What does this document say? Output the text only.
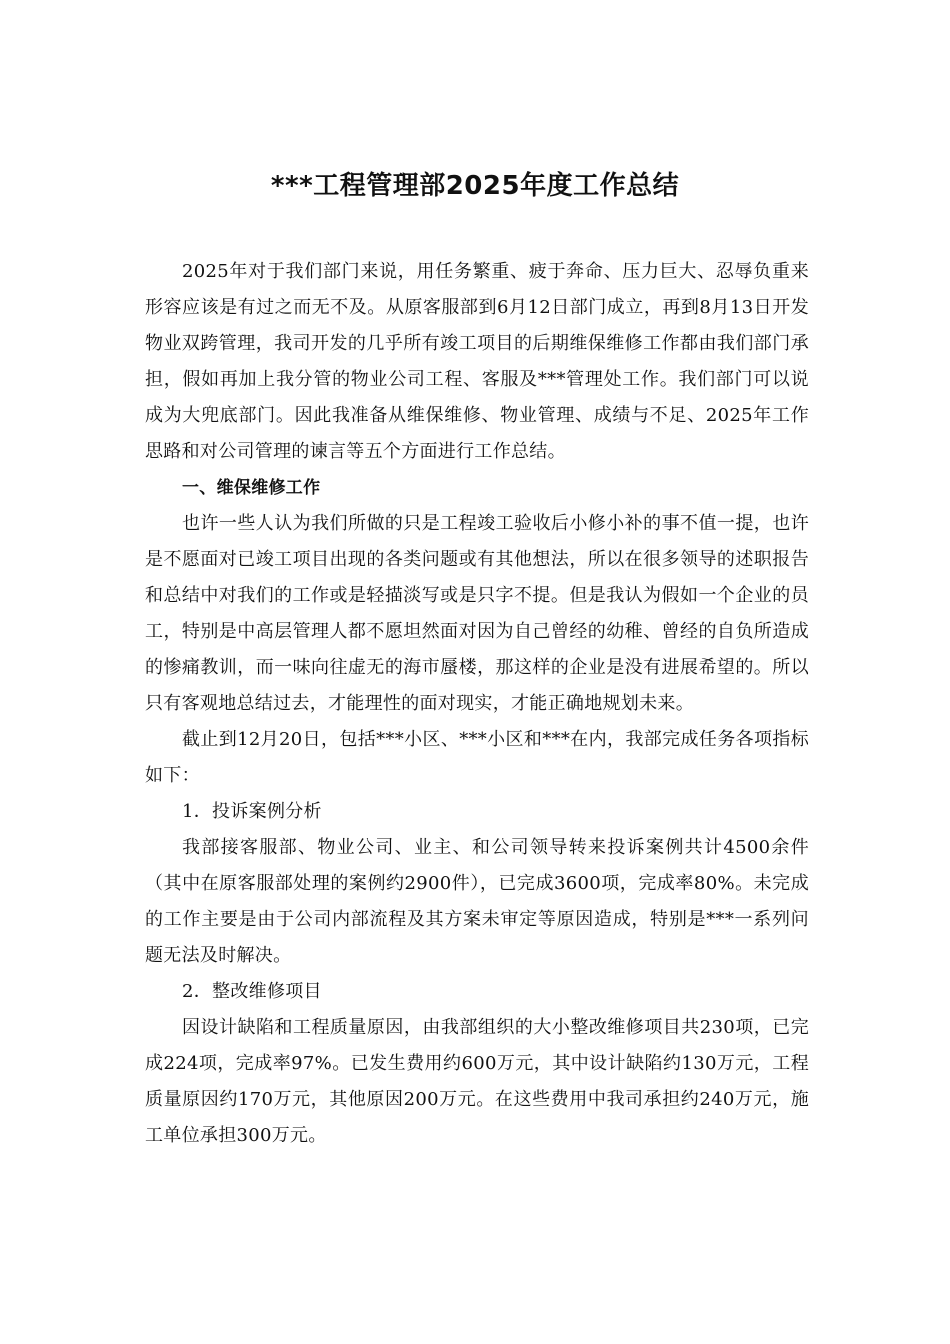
***工程管理部2025年度工作总结

2025年对于我们部门来说，用任务繁重、疲于奔命、压力巨大、忍辱负重来形容应该是有过之而无不及。从原客服部到6月12日部门成立，再到8月13日开发物业双跨管理，我司开发的几乎所有竣工项目的后期维保维修工作都由我们部门承担，假如再加上我分管的物业公司工程、客服及***管理处工作。我们部门可以说成为大兜底部门。因此我准备从维保维修、物业管理、成绩与不足、2025年工作思路和对公司管理的谏言等五个方面进行工作总结。

一、维保维修工作

也许一些人认为我们所做的只是工程竣工验收后小修小补的事不值一提，也许是不愿面对已竣工项目出现的各类问题或有其他想法，所以在很多领导的述职报告和总结中对我们的工作或是轻描淡写或是只字不提。但是我认为假如一个企业的员工，特别是中高层管理人都不愿坦然面对因为自己曾经的幼稚、曾经的自负所造成的惨痛教训，而一味向往虚无的海市蜃楼，那这样的企业是没有进展希望的。所以只有客观地总结过去，才能理性的面对现实，才能正确地规划未来。

截止到12月20日，包括***小区、***小区和***在内，我部完成任务各项指标如下：

1．投诉案例分析

我部接客服部、物业公司、业主、和公司领导转来投诉案例共计4500余件（其中在原客服部处理的案例约2900件），已完成3600项，完成率80%。未完成的工作主要是由于公司内部流程及其方案未审定等原因造成，特别是***一系列问题无法及时解决。

2．整改维修项目

因设计缺陷和工程质量原因，由我部组织的大小整改维修项目共230项，已完成224项，完成率97%。已发生费用约600万元，其中设计缺陷约130万元，工程质量原因约170万元，其他原因200万元。在这些费用中我司承担约240万元，施工单位承担300万元。
